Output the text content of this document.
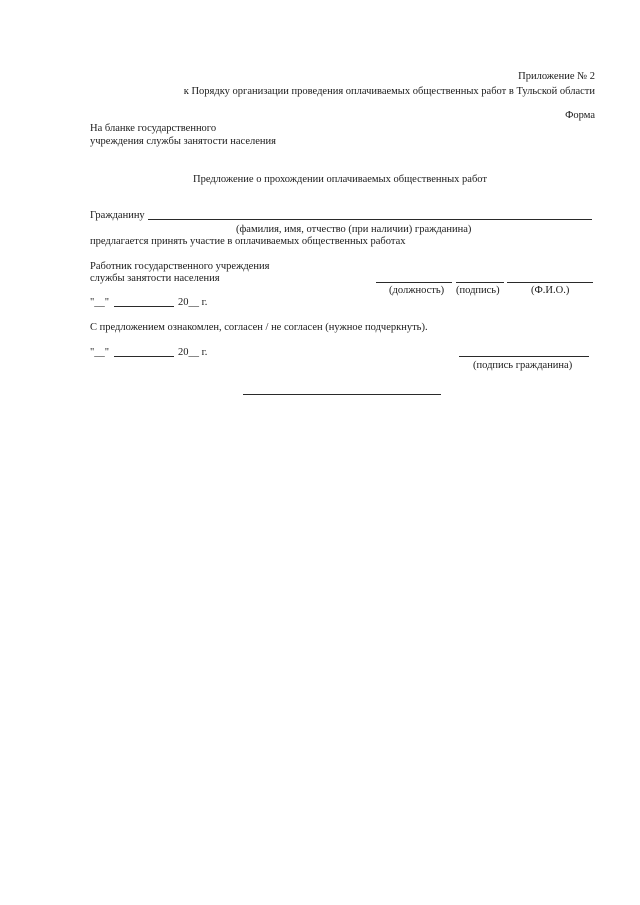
Приложение № 2
к Порядку организации проведения оплачиваемых общественных работ в Тульской области
Форма
На бланке государственного
учреждения службы занятости населения
Предложение о прохождении оплачиваемых общественных работ
Гражданину
(фамилия, имя, отчество (при наличии) гражданина)
предлагается принять участие в оплачиваемых общественных работах
Работник государственного учреждения
службы занятости населения
(должность) (подпись)	(Ф.И.О.)
"__"	20__ г.
С предложением ознакомлен, согласен / не согласен (нужное подчеркнуть).
"__"	20__ г.
(подпись гражданина)
